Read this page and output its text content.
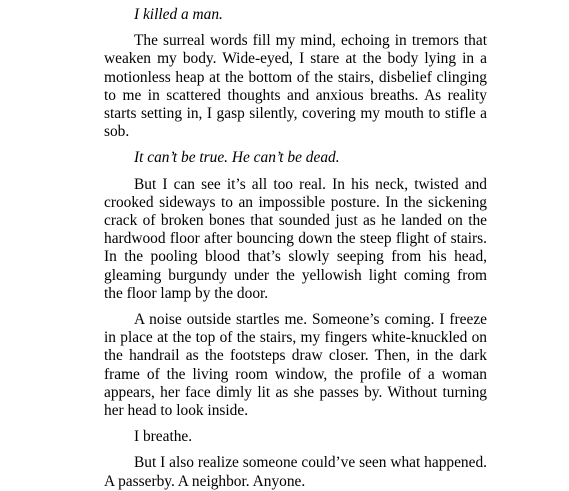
I killed a man.

The surreal words fill my mind, echoing in tremors that weaken my body. Wide-eyed, I stare at the body lying in a motionless heap at the bottom of the stairs, disbelief clinging to me in scattered thoughts and anxious breaths. As reality starts setting in, I gasp silently, covering my mouth to stifle a sob.

It can’t be true. He can’t be dead.

But I can see it’s all too real. In his neck, twisted and crooked sideways to an impossible posture. In the sickening crack of broken bones that sounded just as he landed on the hardwood floor after bouncing down the steep flight of stairs. In the pooling blood that’s slowly seeping from his head, gleaming burgundy under the yellowish light coming from the floor lamp by the door.

A noise outside startles me. Someone’s coming. I freeze in place at the top of the stairs, my fingers white-knuckled on the handrail as the footsteps draw closer. Then, in the dark frame of the living room window, the profile of a woman appears, her face dimly lit as she passes by. Without turning her head to look inside.

I breathe.

But I also realize someone could’ve seen what happened. A passerby. A neighbor. Anyone.
